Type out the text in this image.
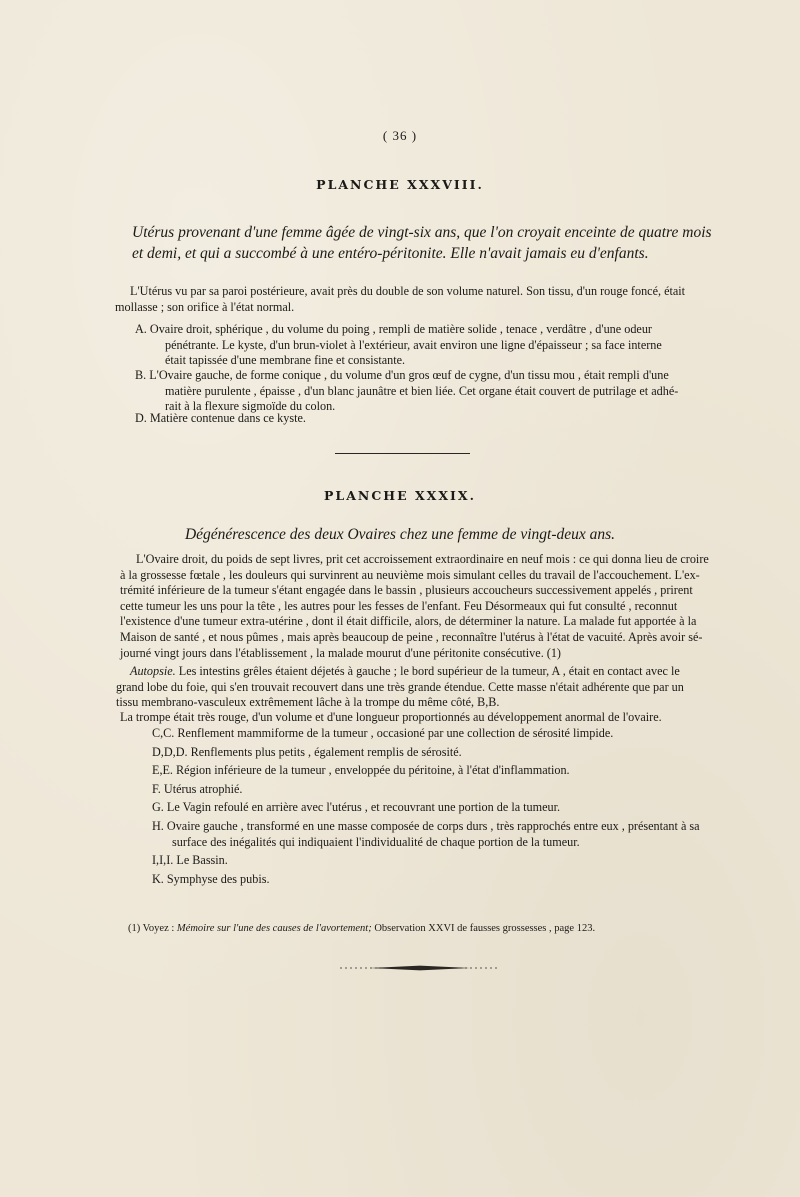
( 36 )
PLANCHE XXXVIII.
Utérus provenant d'une femme âgée de vingt-six ans, que l'on croyait enceinte de quatre mois
et demi, et qui a succombé à une entéro-péritonite. Elle n'avait jamais eu d'enfants.
L'Utérus vu par sa paroi postérieure, avait près du double de son volume naturel. Son tissu, d'un rouge foncé, était
mollasse ; son orifice à l'état normal.
A. Ovaire droit, sphérique , du volume du poing , rempli de matière solide , tenace , verdâtre , d'une odeur
pénétrante. Le kyste, d'un brun-violet à l'extérieur, avait environ une ligne d'épaisseur ; sa face interne
était tapissée d'une membrane fine et consistante.
B. L'Ovaire gauche, de forme conique , du volume d'un gros œuf de cygne, d'un tissu mou , était rempli d'une
matière purulente , épaisse , d'un blanc jaunâtre et bien liée. Cet organe était couvert de putrilage et adhé-
rait à la flexure sigmoïde du colon.
D. Matière contenue dans ce kyste.
PLANCHE XXXIX.
Dégénérescence des deux Ovaires chez une femme de vingt-deux ans.
L'Ovaire droit, du poids de sept livres, prit cet accroissement extraordinaire en neuf mois : ce qui donna lieu de croire
à la grossesse fœtale , les douleurs qui survinrent au neuvième mois simulant celles du travail de l'accouchement. L'ex-
trémité inférieure de la tumeur s'étant engagée dans le bassin , plusieurs accoucheurs successivement appelés , prirent
cette tumeur les uns pour la tête , les autres pour les fesses de l'enfant. Feu Désormeaux qui fut consulté , reconnut
l'existence d'une tumeur extra-utérine , dont il était difficile, alors, de déterminer la nature. La malade fut apportée à la
Maison de santé , et nous pûmes , mais après beaucoup de peine , reconnaître l'utérus à l'état de vacuité. Après avoir sé-
journé vingt jours dans l'établissement , la malade mourut d'une péritonite consécutive. (1)
Autopsie. Les intestins grêles étaient déjetés à gauche ; le bord supérieur de la tumeur, A , était en contact avec le
grand lobe du foie, qui s'en trouvait recouvert dans une très grande étendue. Cette masse n'était adhérente que par un
tissu membrano-vasculeux extrêmement lâche à la trompe du même côté, B,B.
La trompe était très rouge, d'un volume et d'une longueur proportionnés au développement anormal de l'ovaire.
C,C. Renflement mammiforme de la tumeur , occasioné par une collection de sérosité limpide.
D,D,D. Renflements plus petits , également remplis de sérosité.
E,E. Région inférieure de la tumeur , enveloppée du péritoine, à l'état d'inflammation.
F. Utérus atrophié.
G. Le Vagin refoulé en arrière avec l'utérus , et recouvrant une portion de la tumeur.
H. Ovaire gauche , transformé en une masse composée de corps durs , très rapprochés entre eux , présentant à sa
surface des inégalités qui indiquaient l'individualité de chaque portion de la tumeur.
I,I,I. Le Bassin.
K. Symphyse des pubis.
(1) Voyez : Mémoire sur l'une des causes de l'avortement; Observation XXVI de fausses grossesses , page 123.
